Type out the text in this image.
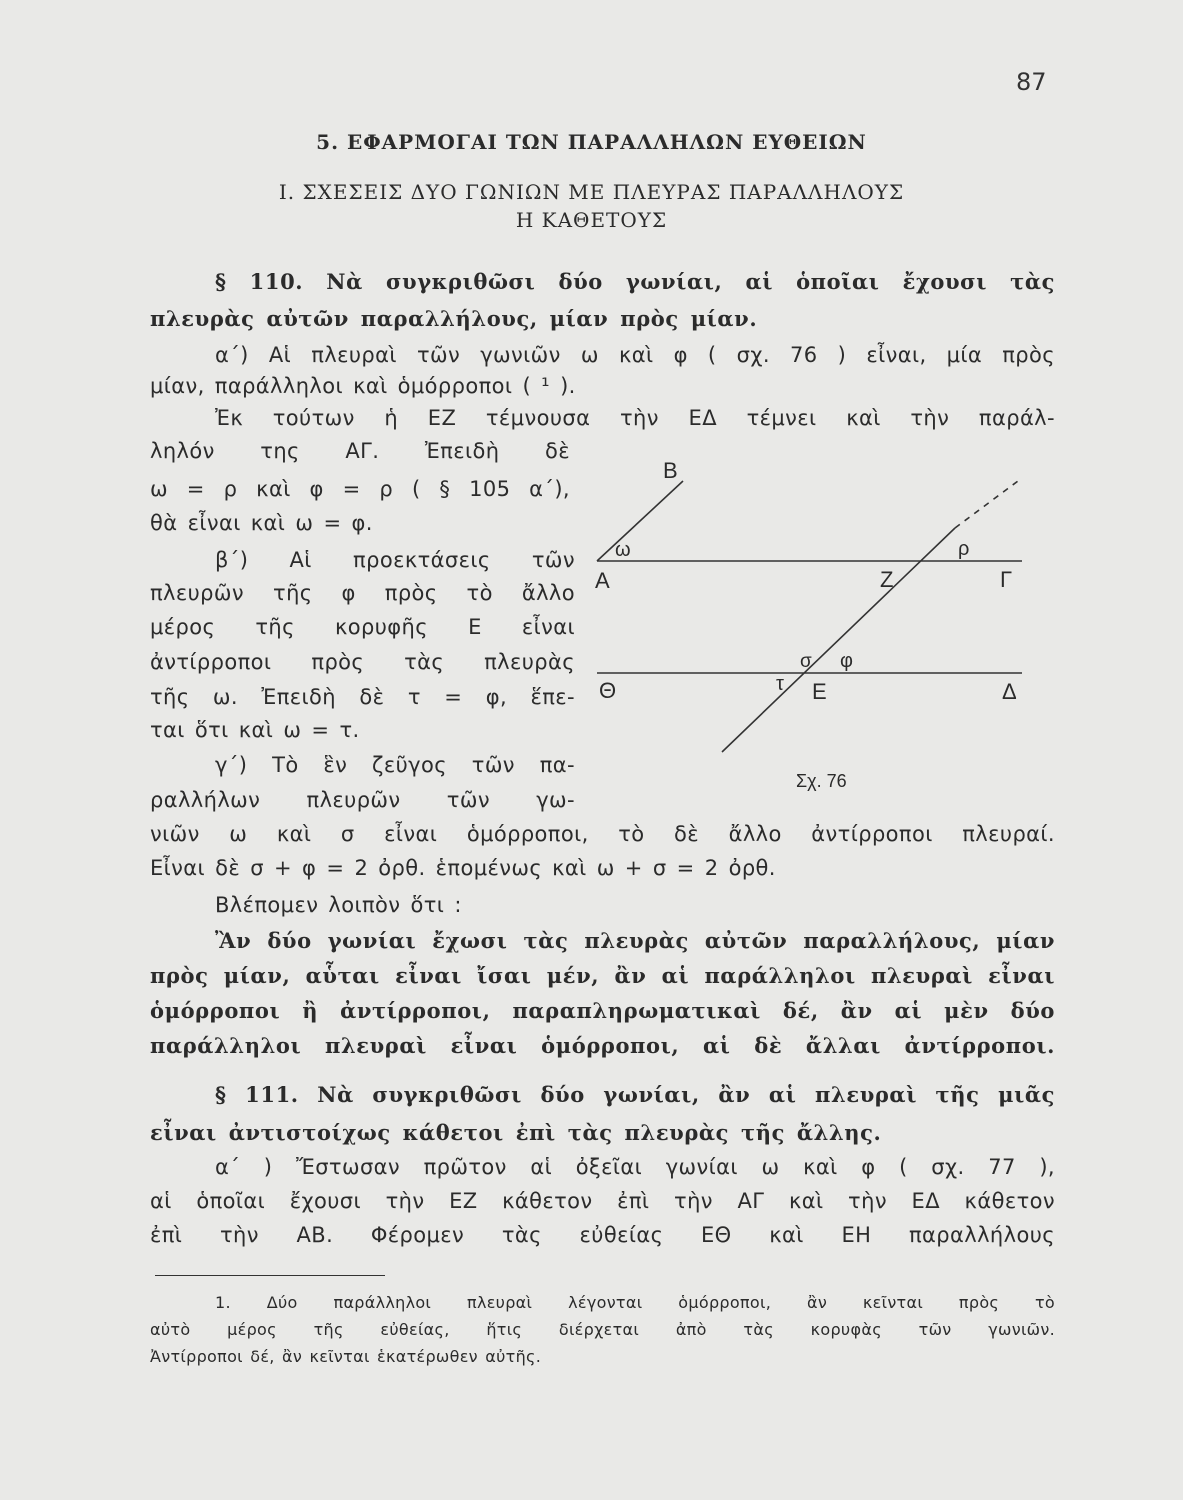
87
5. ΕΦΑΡΜΟΓΑΙ ΤΩΝ ΠΑΡΑΛΛΗΛΩΝ ΕΥΘΕΙΩΝ
Ι. ΣΧΕΣΕΙΣ ΔΥΟ ΓΩΝΙΩΝ ΜΕ ΠΛΕΥΡΑΣ ΠΑΡΑΛΛΗΛΟΥΣ
Η ΚΑΘΕΤΟΥΣ
§ 110. Νὰ συγκριθῶσι δύο γωνίαι, αἱ ὁποῖαι ἔχουσι τὰς
πλευρὰς αὐτῶν παραλλήλους, μίαν πρὸς μίαν.
α΄) Αἱ πλευραὶ τῶν γωνιῶν ω καὶ φ ( σχ. 76 ) εἶναι, μία πρὸς
μίαν, παράλληλοι καὶ ὁμόρροποι ( ¹ ).
Ἐκ τούτων ἡ ΕΖ τέμνουσα τὴν ΕΔ τέμνει καὶ τὴν παράλ-
ληλόν της ΑΓ. Ἐπειδὴ δὲ
ω = ρ καὶ φ = ρ ( § 105 α΄),
θὰ εἶναι καὶ ω = φ.
β΄) Αἱ προεκτάσεις τῶν
πλευρῶν τῆς φ πρὸς τὸ ἄλλο
μέρος τῆς κορυφῆς Ε εἶναι
ἀντίρροποι πρὸς τὰς πλευρὰς
τῆς ω. Ἐπειδὴ δὲ τ = φ, ἕπε-
ται ὅτι καὶ ω = τ.
γ΄) Τὸ ἓν ζεῦγος τῶν πα-
ραλλήλων πλευρῶν τῶν γω-
νιῶν ω καὶ σ εἶναι ὁμόρροποι, τὸ δὲ ἄλλο ἀντίρροποι πλευραί.
Εἶναι δὲ σ + φ = 2 ὀρθ. ἑπομένως καὶ ω + σ = 2 ὀρθ.
Βλέπομεν λοιπὸν ὅτι :
Ἂν δύο γωνίαι ἔχωσι τὰς πλευρὰς αὐτῶν παραλλήλους, μίαν
πρὸς μίαν, αὗται εἶναι ἴσαι μέν, ἂν αἱ παράλληλοι πλευραὶ εἶναι
ὁμόρροποι ἢ ἀντίρροποι, παραπληρωματικαὶ δέ, ἂν αἱ μὲν δύο
παράλληλοι πλευραὶ εἶναι ὁμόρροποι, αἱ δὲ ἄλλαι ἀντίρροποι.
§ 111. Νὰ συγκριθῶσι δύο γωνίαι, ἂν αἱ πλευραὶ τῆς μιᾶς
εἶναι ἀντιστοίχως κάθετοι ἐπὶ τὰς πλευρὰς τῆς ἄλλης.
α΄ ) Ἔστωσαν πρῶτον αἱ ὀξεῖαι γωνίαι ω καὶ φ ( σχ. 77 ),
αἱ ὁποῖαι ἔχουσι τὴν ΕΖ κάθετον ἐπὶ τὴν ΑΓ καὶ τὴν ΕΔ κάθετον
ἐπὶ τὴν ΑΒ. Φέρομεν τὰς εὐθείας ΕΘ καὶ ΕΗ παραλλήλους
1. Δύο παράλληλοι πλευραὶ λέγονται ὁμόρροποι, ἂν κεῖνται πρὸς τὸ
αὐτὸ μέρος τῆς εὐθείας, ἥτις διέρχεται ἀπὸ τὰς κορυφὰς τῶν γωνιῶν.
Ἀντίρροποι δέ, ἂν κεῖνται ἑκατέρωθεν αὐτῆς.
Β
Α
ω	ρ
Ζ	Γ
σ φ
Θ	τ Ε	Δ
Σχ. 76
